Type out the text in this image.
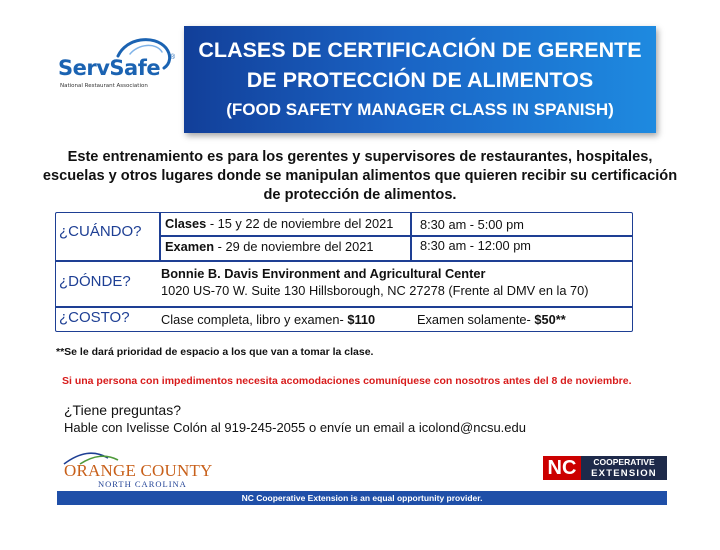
ServSafe ®
National Restaurant Association
CLASES DE CERTIFICACIÓN DE GERENTE
DE PROTECCIÓN DE ALIMENTOS
(FOOD SAFETY MANAGER CLASS IN SPANISH)
Este entrenamiento es para los gerentes y supervisores de restaurantes, hospitales,
escuelas y otros lugares donde se manipulan alimentos que quieren recibir su certificación
de protección de alimentos.
¿CUÁNDO? Clases - 15 y 22 de noviembre del 2021 8:30 am - 5:00 pm
Examen - 29 de noviembre del 2021	8:30 am - 12:00 pm
¿DÓNDE? Bonnie B. Davis Environment and Agricultural Center
1020 US-70 W. Suite 130 Hillsborough, NC 27278 (Frente al DMV en la 70)
¿COSTO? Clase completa, libro y examen- $110	Examen solamente- $50**
**Se le dará prioridad de espacio a los que van a tomar la clase.
Si una persona con impedimentos necesita acomodaciones comuníquese con nosotros antes del 8 de noviembre.
¿Tiene preguntas?
Hable con Ivelisse Colón al 919-245-2055 o envíe un email a icolond@ncsu.edu
ORANGE COUNTY
NORTH CAROLINA
NC	COOPERATIVE
EXTENSION
NC Cooperative Extension is an equal opportunity provider.
